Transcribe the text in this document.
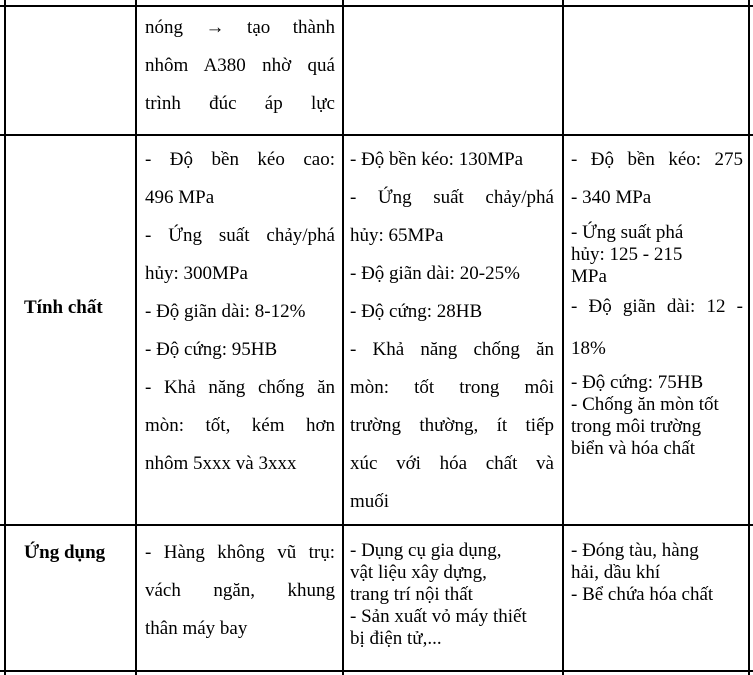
nóng → tạo thành
nhôm A380 nhờ quá
trình đúc áp lực
Tính chất
- Độ bền kéo cao:
496 MPa
- Ứng suất chảy/phá
hủy: 300MPa
- Độ giãn dài: 8-12%
- Độ cứng: 95HB
- Khả năng chống ăn
mòn: tốt, kém hơn
nhôm 5xxx và 3xxx
- Độ bền kéo: 130MPa
- Ứng suất chảy/phá
hủy: 65MPa
- Độ giãn dài: 20-25%
- Độ cứng: 28HB
- Khả năng chống ăn
mòn: tốt trong môi
trường thường, ít tiếp
xúc với hóa chất và
muối
- Độ bền kéo: 275
- 340 MPa
- Ứng suất phá
hủy: 125 - 215
MPa
- Độ giãn dài: 12 -
18%
- Độ cứng: 75HB
- Chống ăn mòn tốt
trong môi trường
biển và hóa chất
Ứng dụng - Hàng không vũ trụ:
vách ngăn, khung
thân máy bay
- Dụng cụ gia dụng,
vật liệu xây dựng,
trang trí nội thất
- Sản xuất vỏ máy thiết
bị điện tử,...
- Đóng tàu, hàng
hải, dầu khí
- Bể chứa hóa chất
